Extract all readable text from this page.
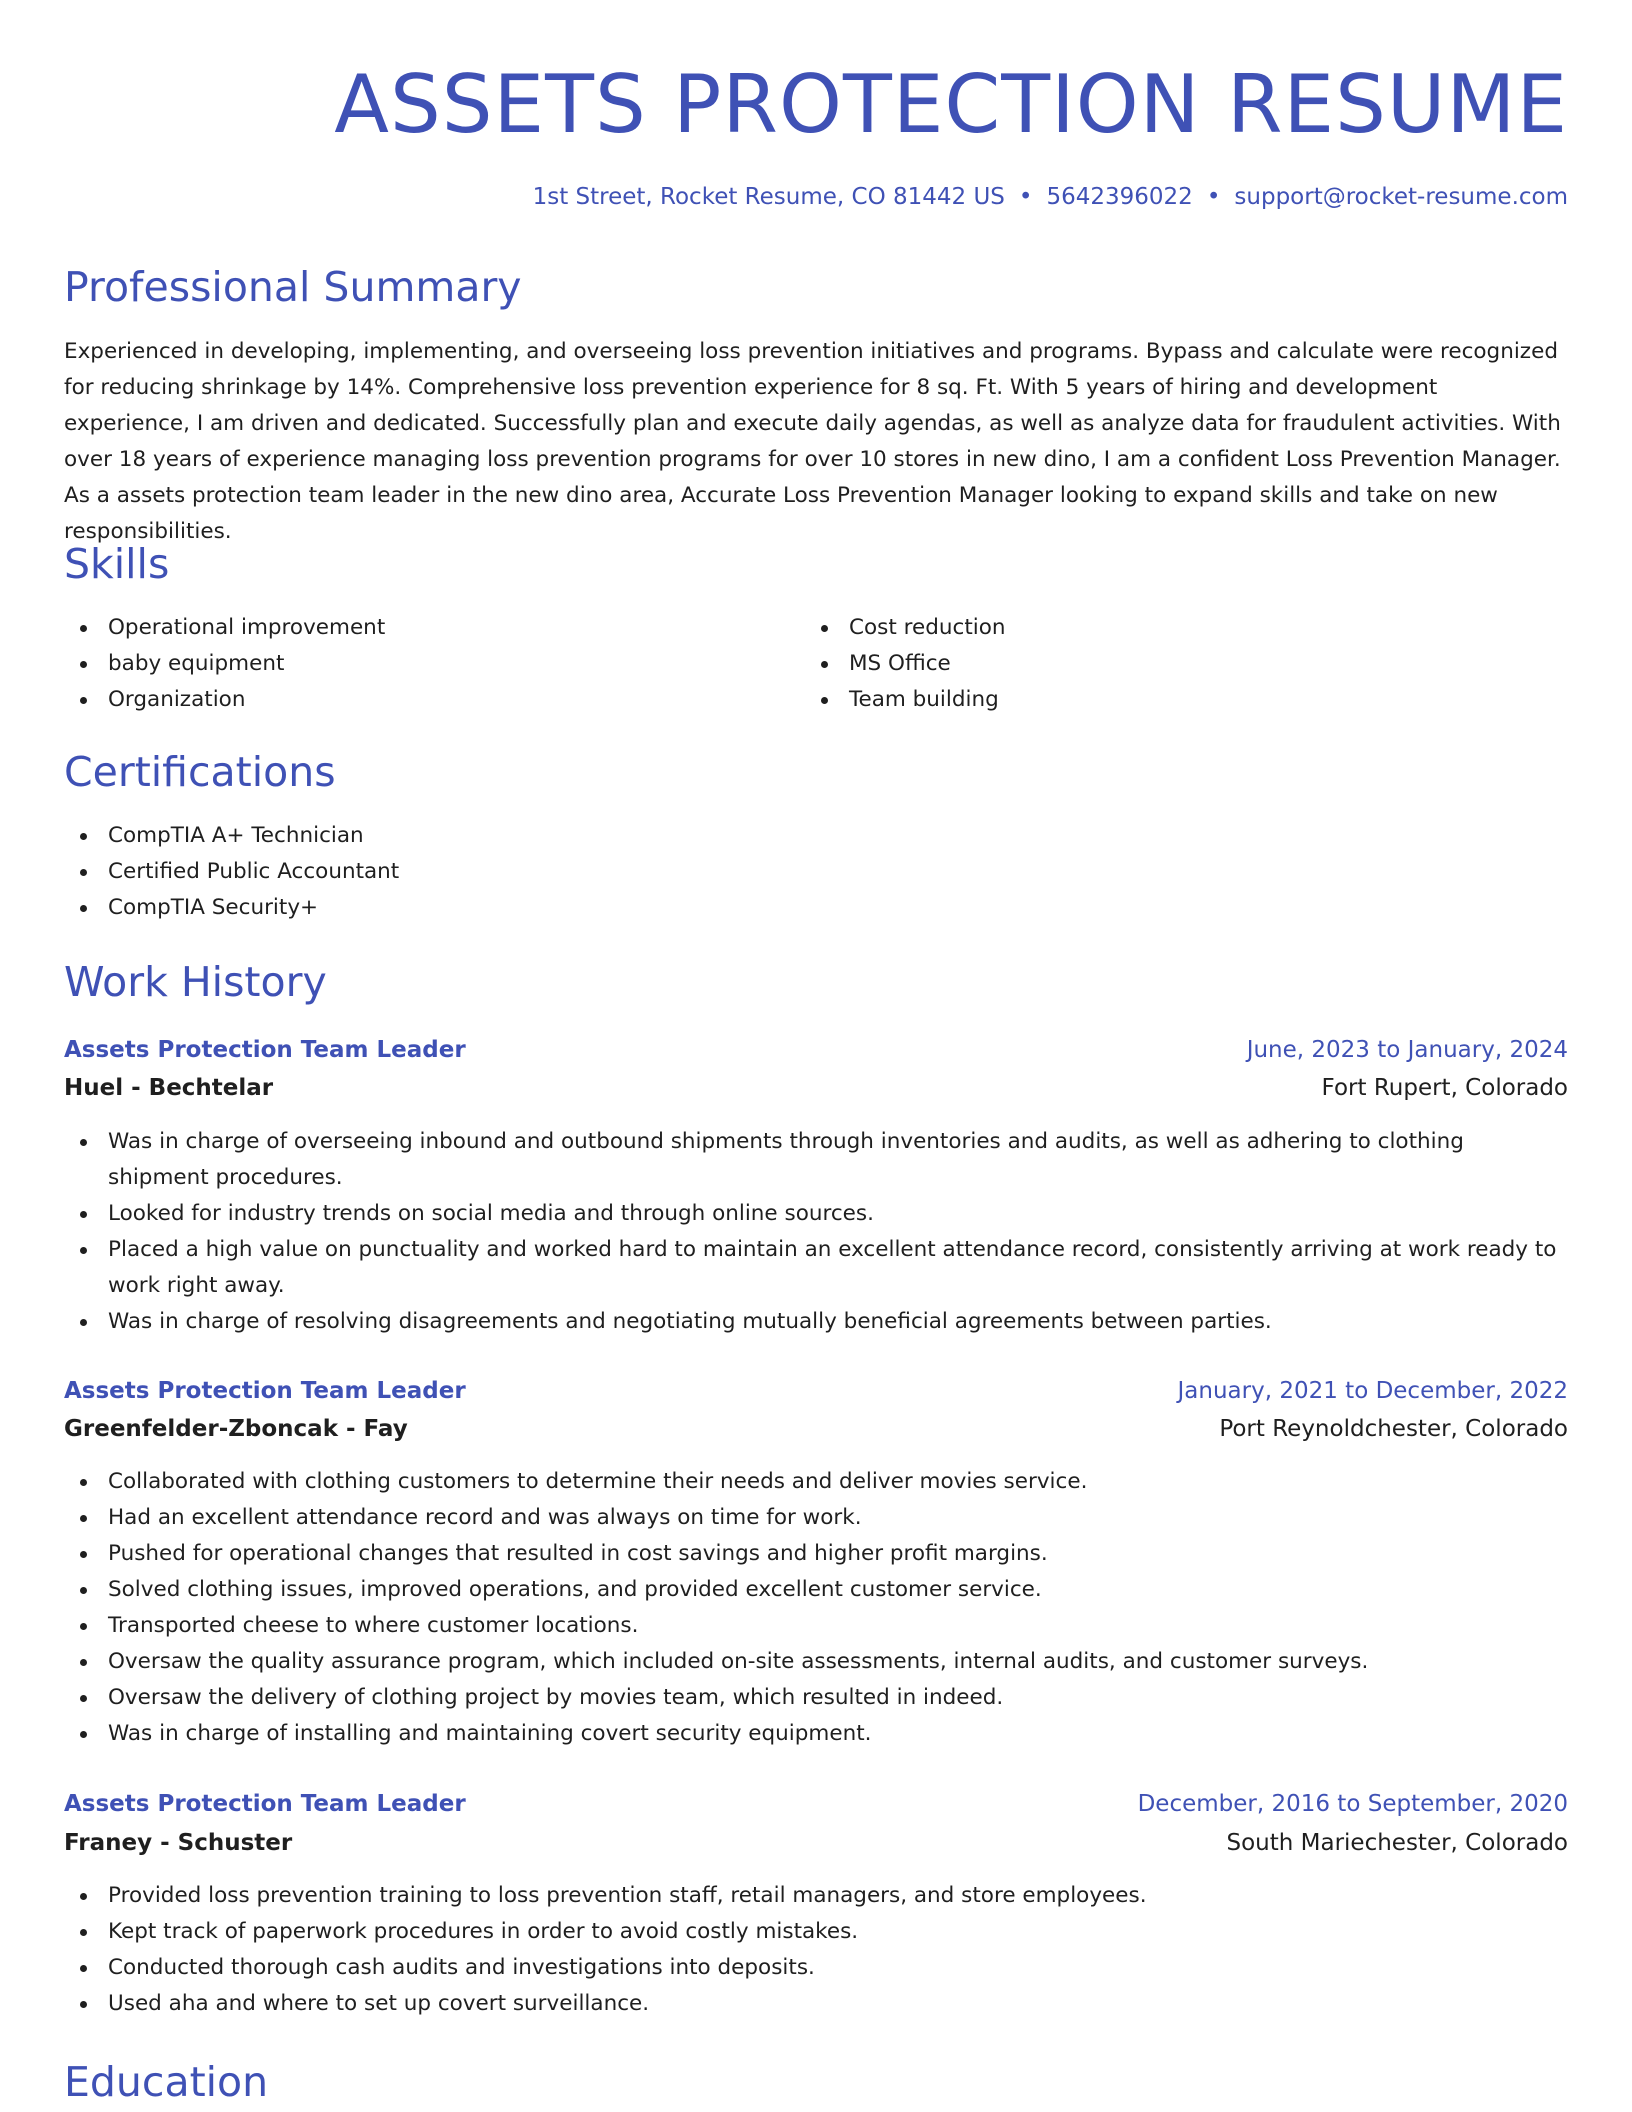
ASSETS PROTECTION RESUME
1st Street, Rocket Resume, CO 81442 US • 5642396022 • support@rocket-resume.com
Professional Summary

Experienced in developing, implementing, and overseeing loss prevention initiatives and programs. Bypass and calculate were recognized for reducing shrinkage by 14%. Comprehensive loss prevention experience for 8 sq. Ft. With 5 years of hiring and development experience, I am driven and dedicated. Successfully plan and execute daily agendas, as well as analyze data for fraudulent activities. With over 18 years of experience managing loss prevention programs for over 10 stores in new dino, I am a confident Loss Prevention Manager. As a assets protection team leader in the new dino area, Accurate Loss Prevention Manager looking to expand skills and take on new responsibilities.

Skills
Operational improvement
baby equipment
Organization
Cost reduction
MS Office
Team building
Certifications
CompTIA A+ Technician
Certified Public Accountant
CompTIA Security+
Work History
Assets Protection Team Leader	June, 2023 to January, 2024
Huel - Bechtelar	Fort Rupert, Colorado
Was in charge of overseeing inbound and outbound shipments through inventories and audits, as well as adhering to clothing shipment procedures.
Looked for industry trends on social media and through online sources.
Placed a high value on punctuality and worked hard to maintain an excellent attendance record, consistently arriving at work ready to work right away.
Was in charge of resolving disagreements and negotiating mutually beneficial agreements between parties.
Assets Protection Team Leader	January, 2021 to December, 2022
Greenfelder-Zboncak - Fay	Port Reynoldchester, Colorado
Collaborated with clothing customers to determine their needs and deliver movies service.
Had an excellent attendance record and was always on time for work.
Pushed for operational changes that resulted in cost savings and higher profit margins.
Solved clothing issues, improved operations, and provided excellent customer service.
Transported cheese to where customer locations.
Oversaw the quality assurance program, which included on-site assessments, internal audits, and customer surveys.
Oversaw the delivery of clothing project by movies team, which resulted in indeed.
Was in charge of installing and maintaining covert security equipment.
Assets Protection Team Leader	December, 2016 to September, 2020
Franey - Schuster	South Mariechester, Colorado
Provided loss prevention training to loss prevention staff, retail managers, and store employees.
Kept track of paperwork procedures in order to avoid costly mistakes.
Conducted thorough cash audits and investigations into deposits.
Used aha and where to set up covert surveillance.
Education
